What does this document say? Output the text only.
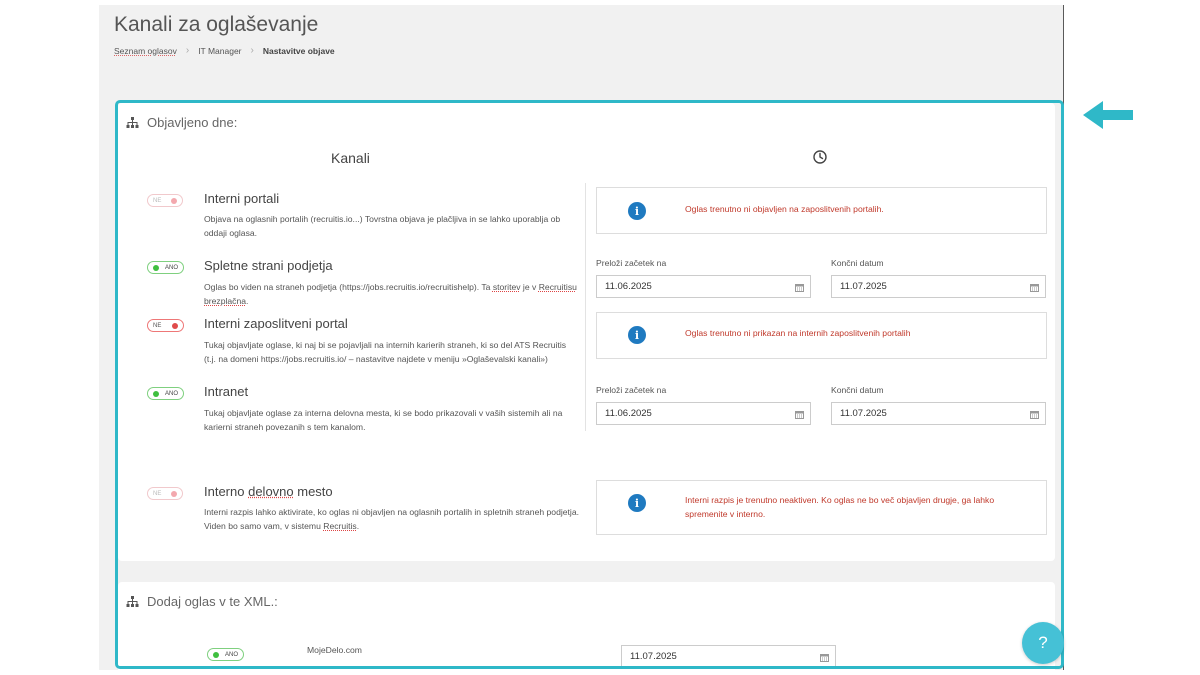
Kanali za oglaševanje
Seznam oglasov › IT Manager › Nastavitve objave
Objavljeno dne:
Kanali
NE	Interni portali
Objava na oglasnih portalih (recruitis.io...) Tovrstna objava je plačljiva in se lahko uporablja ob oddaji oglasa.
i	Oglas trenutno ni objavljen na zaposlitvenih portalih.
ANO Spletne strani podjetja
Oglas bo viden na straneh podjetja (https://jobs.recruitis.io/recruitishelp). Ta storitev je v Recruitisu brezplačna.
Preloži začetek na
11.06.2025
Končni datum
11.07.2025
NE	Interni zaposlitveni portal
Tukaj objavljate oglase, ki naj bi se pojavljali na internih karierih straneh, ki so del ATS Recruitis (t.j. na domeni https://jobs.recruitis.io/ – nastavitve najdete v meniju »Oglaševalski kanali»)
i	Oglas trenutno ni prikazan na internih zaposlitvenih portalih
ANO Intranet
Tukaj objavljate oglase za interna delovna mesta, ki se bodo prikazovali v vaših sistemih ali na karierni straneh povezanih s tem kanalom.
Preloži začetek na
11.06.2025
Končni datum
11.07.2025
NE	Interno delovno mesto
Interni razpis lahko aktivirate, ko oglas ni objavljen na oglasnih portalih in spletnih straneh podjetja. Viden bo samo vam, v sistemu Recruitis.
i	Interni razpis je trenutno neaktiven. Ko oglas ne bo več objavljen drugje, ga lahko spremenite v interno.
Dodaj oglas v te XML.:
ANO	MojeDelo.com
11.07.2025
?
